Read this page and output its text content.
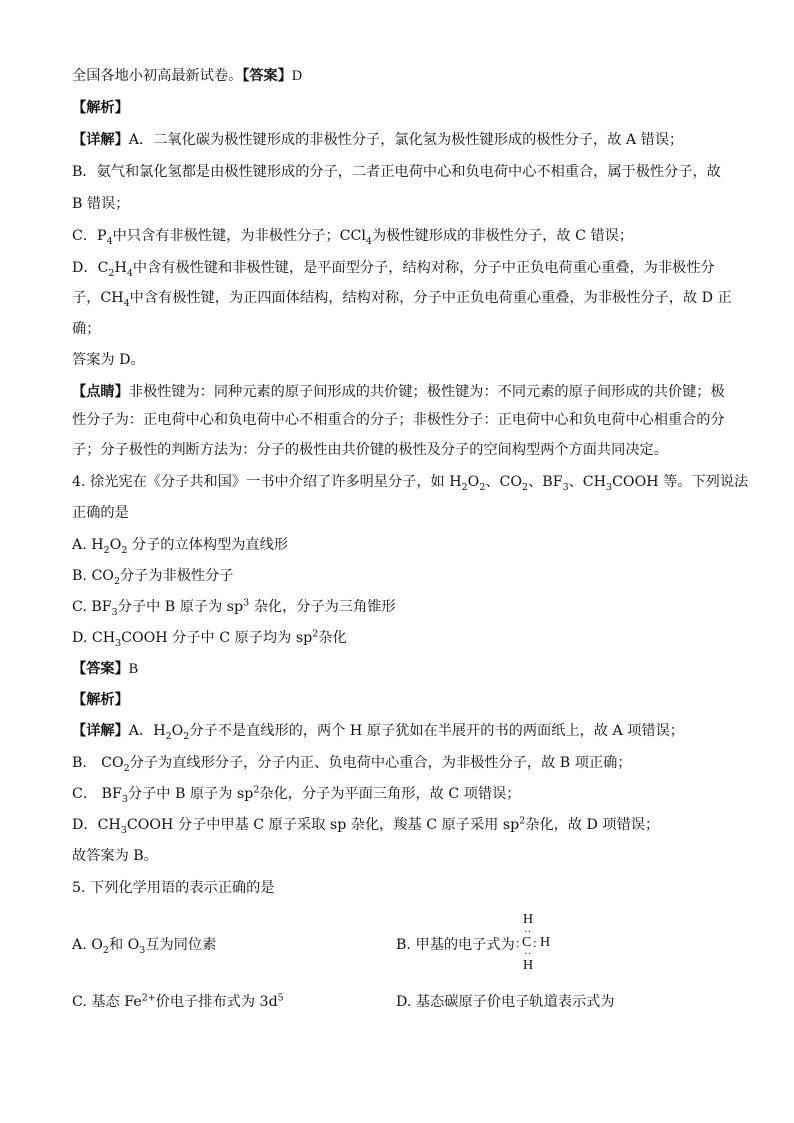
全国各地小初高最新试卷。【答案】D
【解析】
【详解】A．二氧化碳为极性键形成的非极性分子，氯化氢为极性键形成的极性分子，故 A 错误；
B．氨气和氯化氢都是由极性键形成的分子，二者正电荷中心和负电荷中心不相重合，属于极性分子，故
B 错误；
C．$P_4$中只含有非极性键，为非极性分子；CCl$_4$为极性键形成的非极性分子，故 C 错误；
D．$C_2H_4$中含有极性键和非极性键，是平面型分子，结构对称，分子中正负电荷重心重叠，为非极性分
子，$CH_4$中含有极性键，为正四面体结构，结构对称，分子中正负电荷重心重叠，为非极性分子，故 D 正
确；
答案为 D。
【点睛】非极性键为：同种元素的原子间形成的共价键；极性键为：不同元素的原子间形成的共价键；极
性分子为：正电荷中心和负电荷中心不相重合的分子；非极性分子：正电荷中心和负电荷中心相重合的分
子；分子极性的判断方法为：分子的极性由共价键的极性及分子的空间构型两个方面共同决定。
4. 徐光宪在《分子共和国》一书中介绍了许多明星分子，如 $H_2O_2$、$CO_2$、$BF_3$、$CH_3COOH$ 等。下列说法
正确的是
A. $H_2O_2$ 分子的立体构型为直线形
B. $CO_2$分子为非极性分子
C. $BF_3$分子中 B 原子为 $sp^3$ 杂化，分子为三角锥形
D. $CH_3COOH$ 分子中 C 原子均为 $sp^2$杂化
【答案】B
【解析】
【详解】A．$H_2O_2$分子不是直线形的，两个 H 原子犹如在半展开的书的两面纸上，故 A 项错误；
B． $CO_2$分子为直线形分子，分子内正、负电荷中心重合，为非极性分子，故 B 项正确；
C． $BF_3$分子中 B 原子为 $sp^2$杂化，分子为平面三角形，故 C 项错误；
D．$CH_3COOH$ 分子中甲基 C 原子采取 sp 杂化，羧基 C 原子采用 $sp^2$杂化，故 D 项错误；
故答案为 B。
5. 下列化学用语的表示正确的是
A. $O_2$和 $O_3$互为同位素	B. 甲基的电子式为
H
··
: C : H
··
H
C. 基态 $Fe^{2+}$价电子排布式为 $3d^5$	D. 基态碳原子价电子轨道表示式为
